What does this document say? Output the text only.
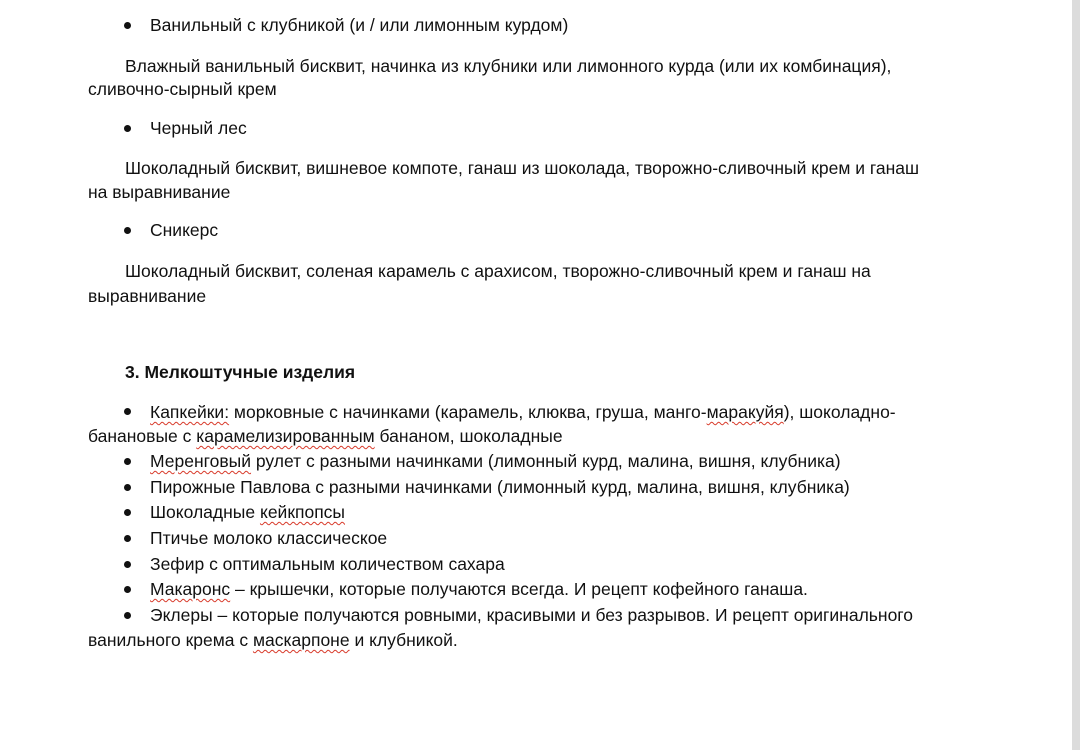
Ванильный с клубникой (и / или лимонным курдом)
Влажный ванильный бисквит, начинка из клубники или лимонного курда (или их комбинация),
сливочно-сырный крем
Черный лес
Шоколадный бисквит, вишневое компоте, ганаш из шоколада, творожно-сливочный крем и ганаш
на выравнивание
Сникерс
Шоколадный бисквит, соленая карамель с арахисом, творожно-сливочный крем и ганаш на
выравнивание
3. Мелкоштучные изделия
Капкейки: морковные с начинками (карамель, клюква, груша, манго-маракуйя), шоколадно-
банановые с карамелизированным бананом, шоколадные
Меренговый рулет с разными начинками (лимонный курд, малина, вишня, клубника)
Пирожные Павлова с разными начинками (лимонный курд, малина, вишня, клубника)
Шоколадные кейкпопсы
Птичье молоко классическое
Зефир с оптимальным количеством сахара
Макаронс – крышечки, которые получаются всегда. И рецепт кофейного ганаша.
Эклеры – которые получаются ровными, красивыми и без разрывов. И рецепт оригинального
ванильного крема с маскарпоне и клубникой.
